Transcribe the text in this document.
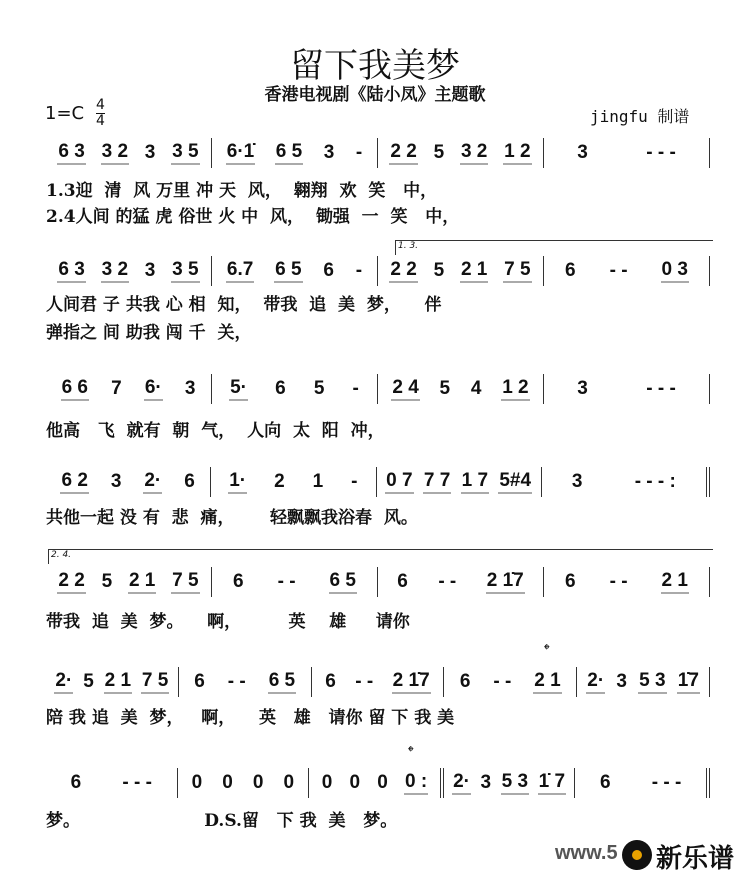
留下我美梦
香港电视剧《陆小凤》主题歌
1=C 4
4	jingfu 制谱
6 3 3 2 3 3 5 6·1̇ 6 5 3 - 2 2 5 3 2 1 2 3	- - -
1.3迎  清  风 万里 冲 天  风，  翱翔  欢  笑   中，
2.4人间 的猛 虎 俗世 火 中  风，  锄强  一  笑   中，
6 3 3 2 3 3 5 6.7 6 5 6 - 2 2 5 2 1 7 5 6 - - 0 3
人间君 子 共我 心 相  知，  带我  追  美  梦，    伴
弹指之 间 助我 闯 千  关，
1. 3.
6 6 7 6· 3 5· 6 5 - 2 4 5 4 1 2	3	- - -
他高   飞  就有  朝  气，  人向  太  阳  冲，
6 2 3 2· 6 1· 2 1 - 0 7 7 7 1 7 5#4 3	- - - :
共他一起 没 有  悲  痛，      轻飘飘我浴春  风。
2 2 5 2 1 7 5 6 - - 6 5 6 - - 2 1̇7 6 - - 2 1
带我  追  美  梦。    啊，        英    雄     请你
2. 4.
2· 5 2 1 7 5 6 - - 6 5 6 - - 2 1̇7 6 - - 2 1 2· 3 5 3 1̇7
陪 我 追  美  梦，   啊，    英   雄   请你 留 下 我 美
𝄌
6 - - - 0 0 0 0 0 0 0 0 : 2· 3 5 3 1̇ 7 6 - - -
梦。                     D.S.留   下 我  美   梦。
𝄌
www.5 新乐谱
